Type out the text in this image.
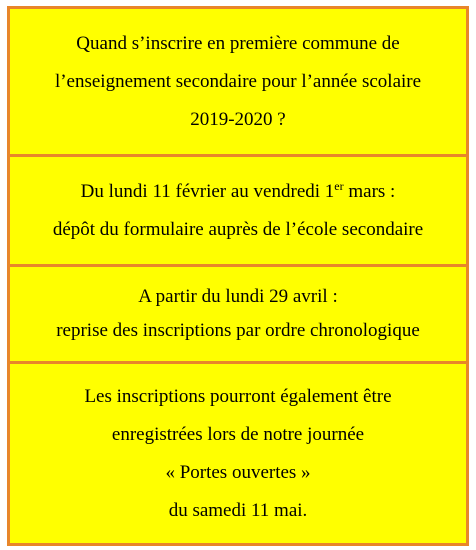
Quand s’inscrire en première commune de

l’enseignement secondaire pour l’année scolaire

2019-2020 ?

Du lundi 11 février au vendredi 1er mars :

dépôt du formulaire auprès de l’école secondaire

A partir du lundi 29 avril :

reprise des inscriptions par ordre chronologique

Les inscriptions pourront également être

enregistrées lors de notre journée

« Portes ouvertes »

du samedi 11 mai.
